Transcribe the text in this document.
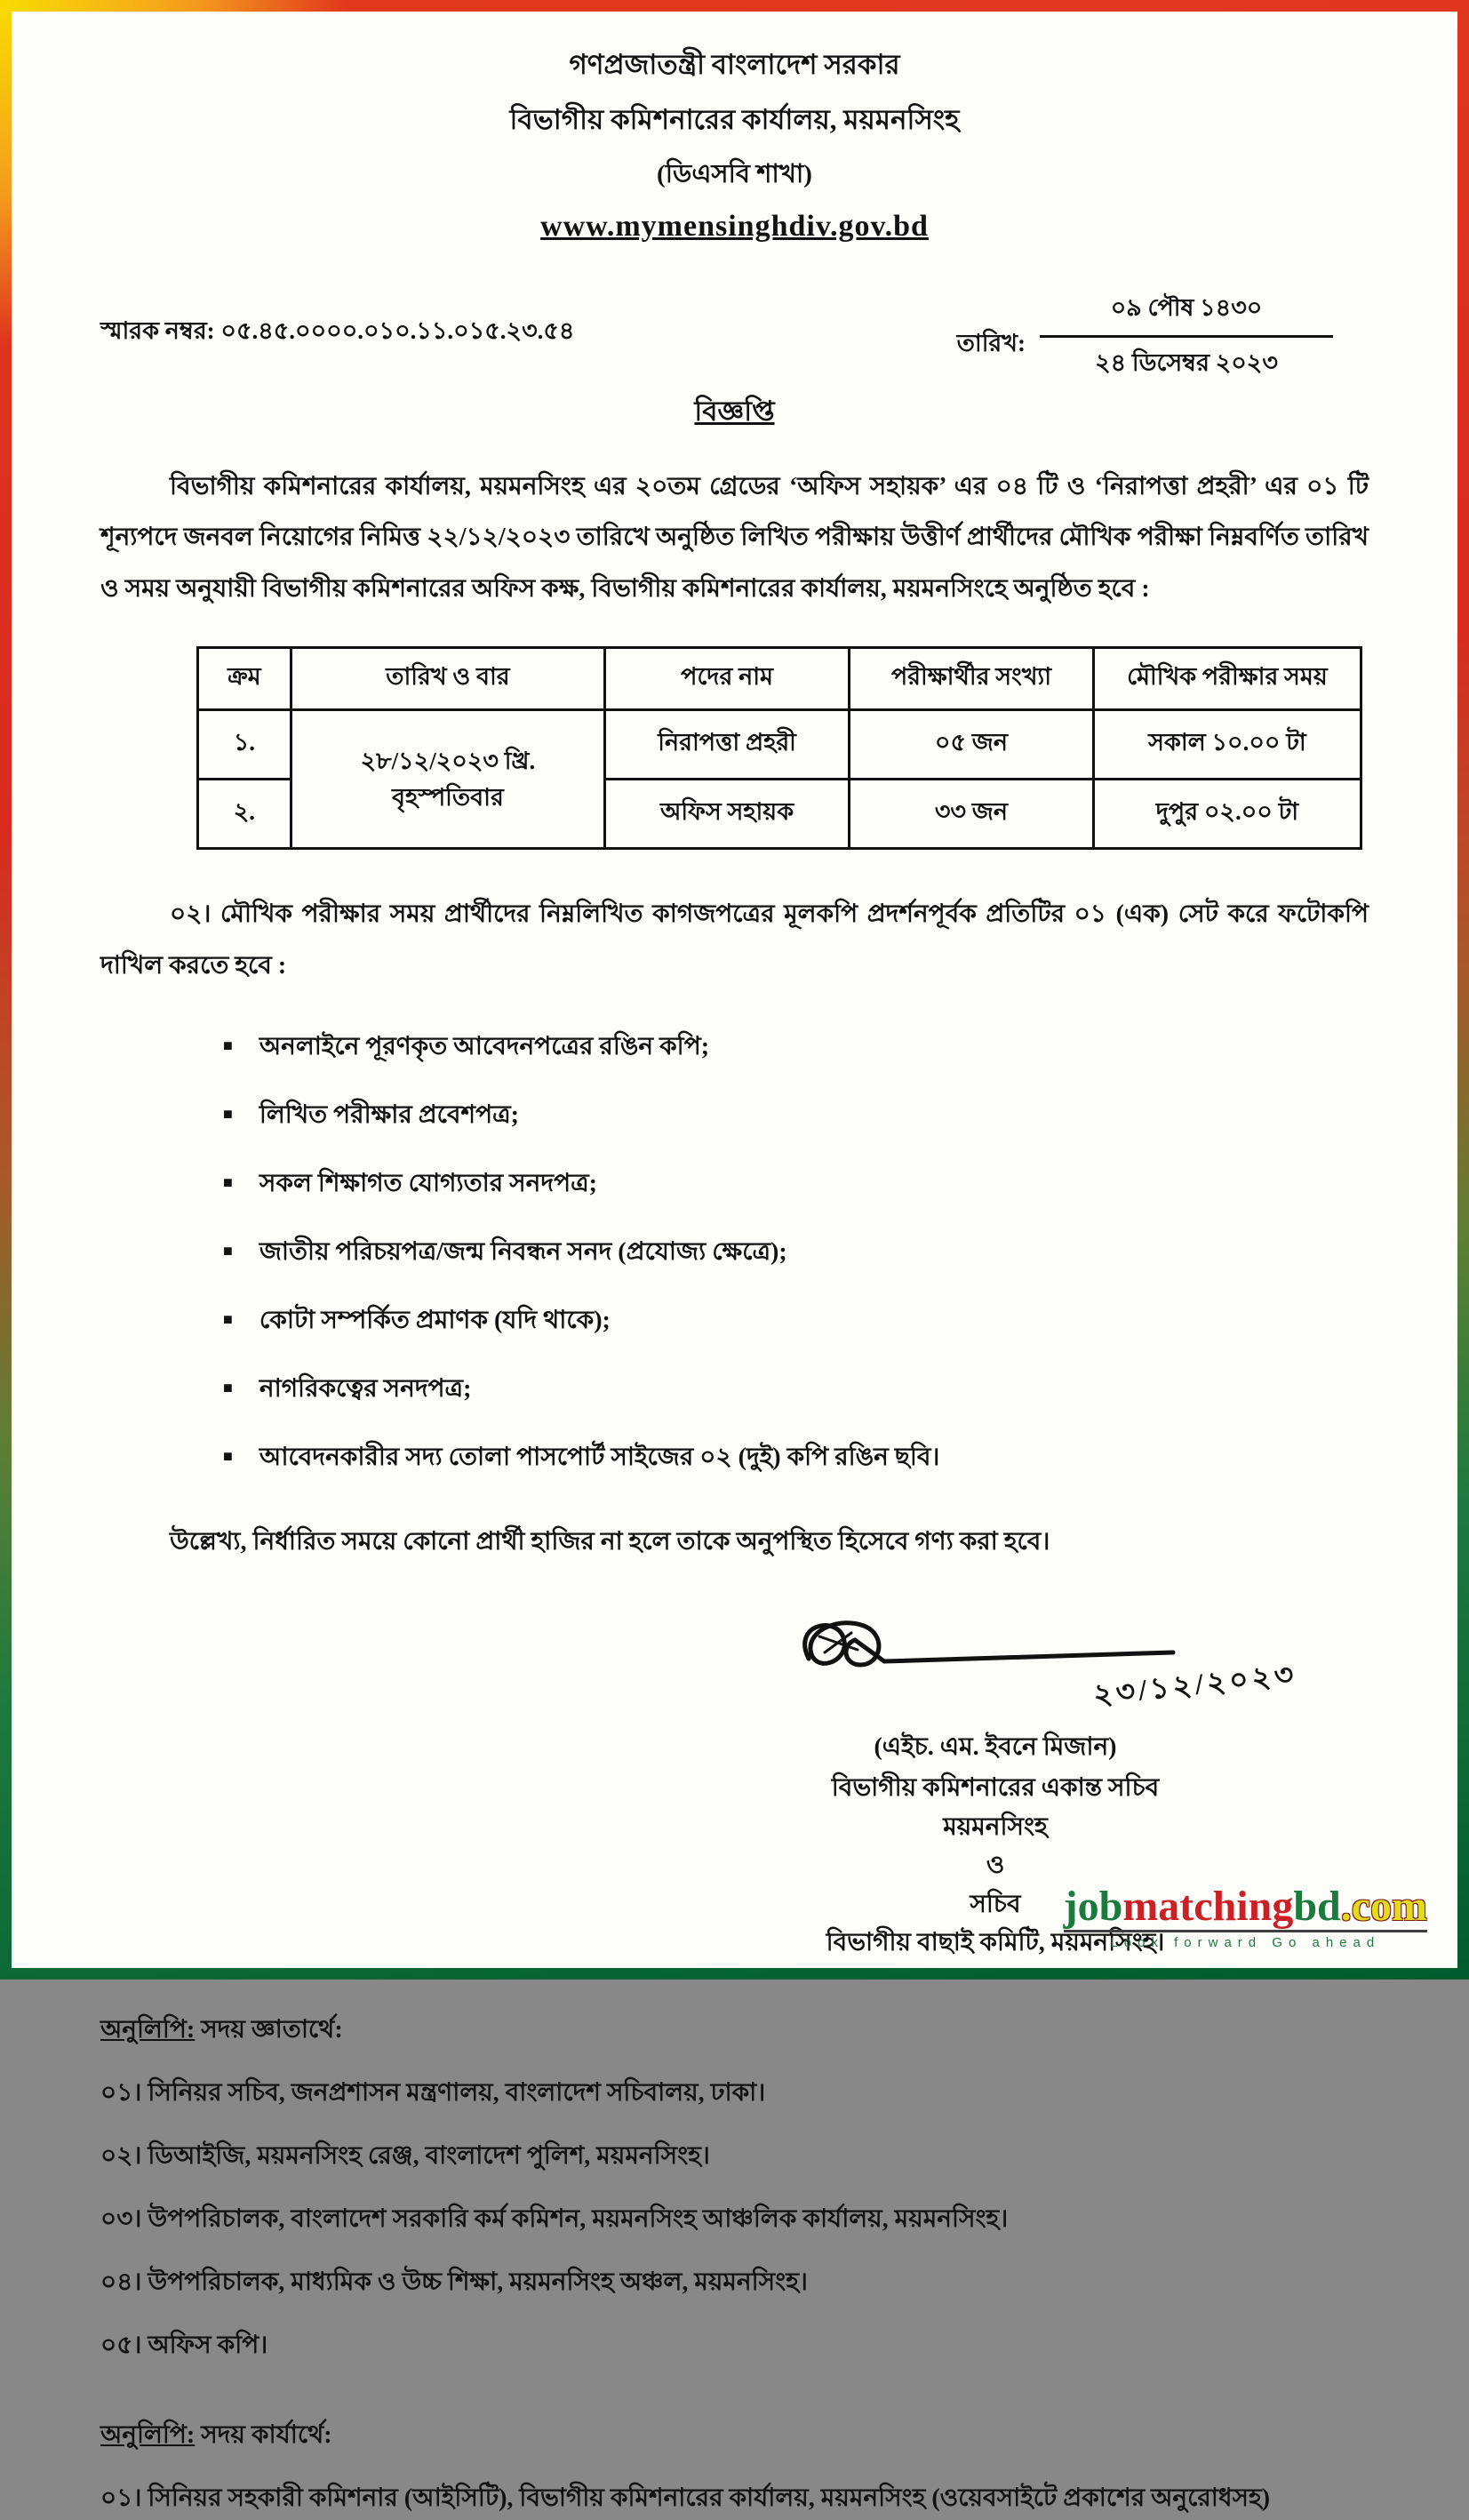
গণপ্রজাতন্ত্রী বাংলাদেশ সরকার
বিভাগীয় কমিশনারের কার্যালয়, ময়মনসিংহ
(ডিএসবি শাখা)
www.mymensinghdiv.gov.bd
স্মারক নম্বর: ০৫.৪৫.০০০০.০১০.১১.০১৫.২৩.৫৪	তারিখ: $\frac{\text{০৯ পৌষ ১৪৩০}}{\text{২৪ ডিসেম্বর ২০২৩}}$
বিজ্ঞপ্তি

বিভাগীয় কমিশনারের কার্যালয়, ময়মনসিংহ এর ২০তম গ্রেডের ‘অফিস সহায়ক’ এর ০৪ টি ও ‘নিরাপত্তা প্রহরী’ এর ০১ টি শূন্যপদে জনবল নিয়োগের নিমিত্ত ২২/১২/২০২৩ তারিখে অনুষ্ঠিত লিখিত পরীক্ষায় উত্তীর্ণ প্রার্থীদের মৌখিক পরীক্ষা নিম্নবর্ণিত তারিখ ও সময় অনুযায়ী বিভাগীয় কমিশনারের অফিস কক্ষ, বিভাগীয় কমিশনারের কার্যালয়, ময়মনসিংহে অনুষ্ঠিত হবে :

ক্রম	তারিখ ও বার	পদের নাম	পরীক্ষার্থীর সংখ্যা	মৌখিক পরীক্ষার সময়
১.	২৮/১২/২০২৩ খ্রি.
বৃহস্পতিবার	নিরাপত্তা প্রহরী	০৫ জন	সকাল ১০.০০ টা
২.		অফিস সহায়ক	৩৩ জন	দুপুর ০২.০০ টা

০২। মৌখিক পরীক্ষার সময় প্রার্থীদের নিম্নলিখিত কাগজপত্রের মূলকপি প্রদর্শনপূর্বক প্রতিটির ০১ (এক) সেট করে ফটোকপি দাখিল করতে হবে :

■ অনলাইনে পূরণকৃত আবেদনপত্রের রঙিন কপি;
■ লিখিত পরীক্ষার প্রবেশপত্র;
■ সকল শিক্ষাগত যোগ্যতার সনদপত্র;
■ জাতীয় পরিচয়পত্র/জন্ম নিবন্ধন সনদ (প্রযোজ্য ক্ষেত্রে);
■ কোটা সম্পর্কিত প্রমাণক (যদি থাকে);
■ নাগরিকত্বের সনদপত্র;
■ আবেদনকারীর সদ্য তোলা পাসপোর্ট সাইজের ০২ (দুই) কপি রঙিন ছবি।

উল্লেখ্য, নির্ধারিত সময়ে কোনো প্রার্থী হাজির না হলে তাকে অনুপস্থিত হিসেবে গণ্য করা হবে।

২৩/১২/২০২৩
(এইচ. এম. ইবনে মিজান)
বিভাগীয় কমিশনারের একান্ত সচিব
ময়মনসিংহ
ও
সচিব
বিভাগীয় বাছাই কমিটি, ময়মনসিংহ।
অনুলিপি: সদয় জ্ঞাতার্থে:
০১। সিনিয়র সচিব, জনপ্রশাসন মন্ত্রণালয়, বাংলাদেশ সচিবালয়, ঢাকা।
০২। ডিআইজি, ময়মনসিংহ রেঞ্জ, বাংলাদেশ পুলিশ, ময়মনসিংহ।
০৩। উপপরিচালক, বাংলাদেশ সরকারি কর্ম কমিশন, ময়মনসিংহ আঞ্চলিক কার্যালয়, ময়মনসিংহ।
০৪। উপপরিচালক, মাধ্যমিক ও উচ্চ শিক্ষা, ময়মনসিংহ অঞ্চল, ময়মনসিংহ।
০৫। অফিস কপি।
অনুলিপি: সদয় কার্যার্থে:
০১। সিনিয়র সহকারী কমিশনার (আইসিটি), বিভাগীয় কমিশনারের কার্যালয়, ময়মনসিংহ (ওয়েবসাইটে প্রকাশের অনুরোধসহ)
jobmatchingbd.com
Look forward Go ahead
